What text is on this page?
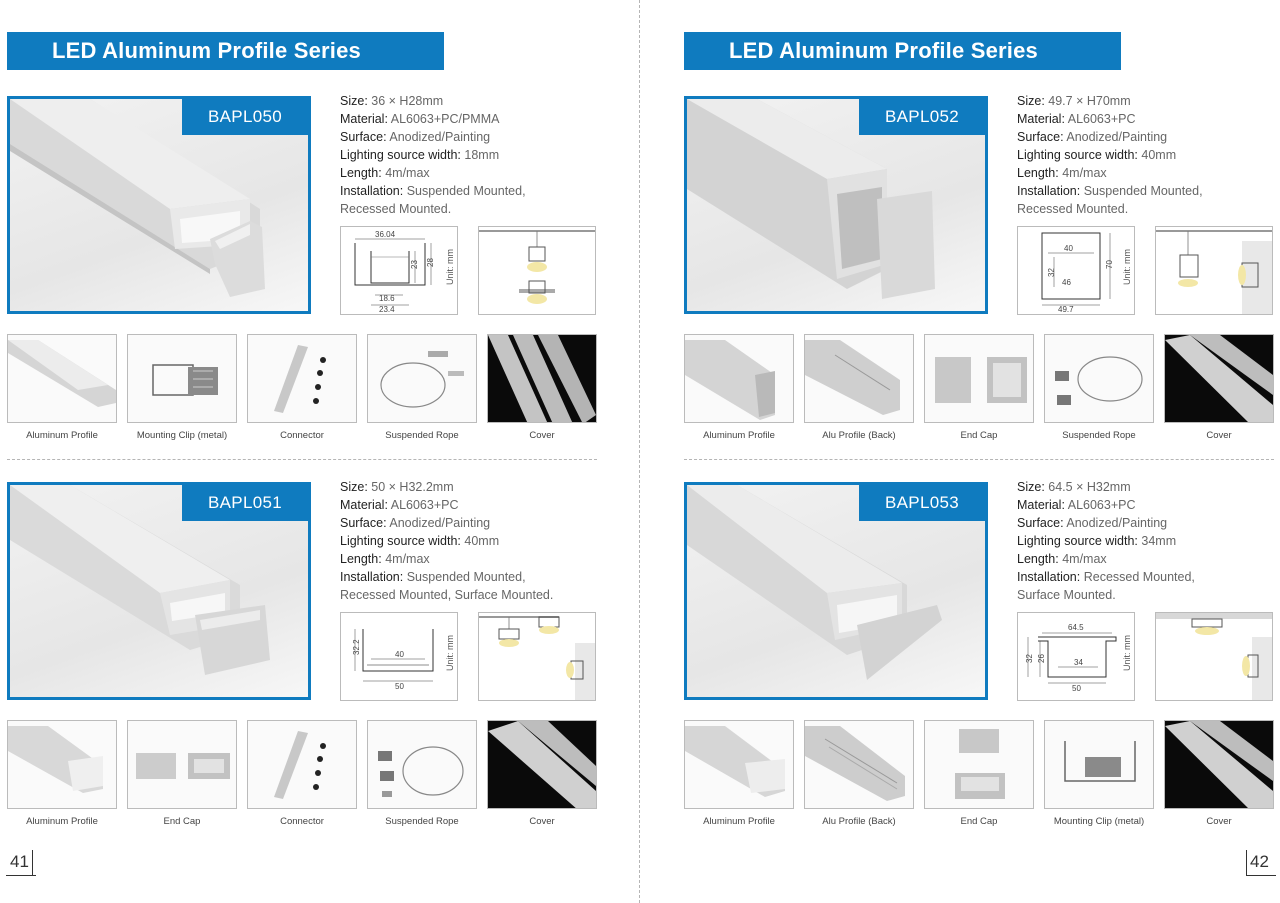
LED Aluminum Profile Series
BAPL050
Size: 36 × H28mm
Material: AL6063+PC/PMMA
Surface: Anodized/Painting
Lighting source width: 18mm
Length: 4m/max
Installation: Suspended Mounted,
Recessed Mounted.
36.04
23 28
18.6
23.4
Unit: mm
Aluminum Profile	Mounting Clip (metal)	Connector	Suspended Rope	Cover
BAPL051
Size: 50 × H32.2mm
Material: AL6063+PC
Surface: Anodized/Painting
Lighting source width: 40mm
Length: 4m/max
Installation: Suspended Mounted,
Recessed Mounted, Surface Mounted.
32.2	40
50
Unit: mm
Aluminum Profile	End Cap	Connector	Suspended Rope	Cover
41
LED Aluminum Profile Series
BAPL052
Size: 49.7 × H70mm
Material: AL6063+PC
Surface: Anodized/Painting
Lighting source width: 40mm
Length: 4m/max
Installation: Suspended Mounted,
Recessed Mounted.
40
32
46
70
49.7
Unit: mm
Aluminum Profile	Alu Profile (Back)	End Cap	Suspended Rope	Cover
BAPL053
Size: 64.5 × H32mm
Material: AL6063+PC
Surface: Anodized/Painting
Lighting source width: 34mm
Length: 4m/max
Installation: Recessed Mounted,
Surface Mounted.
64.5
34
26
32
50
Unit: mm
Aluminum Profile	Alu Profile (Back)	End Cap	Mounting Clip (metal)	Cover
42
